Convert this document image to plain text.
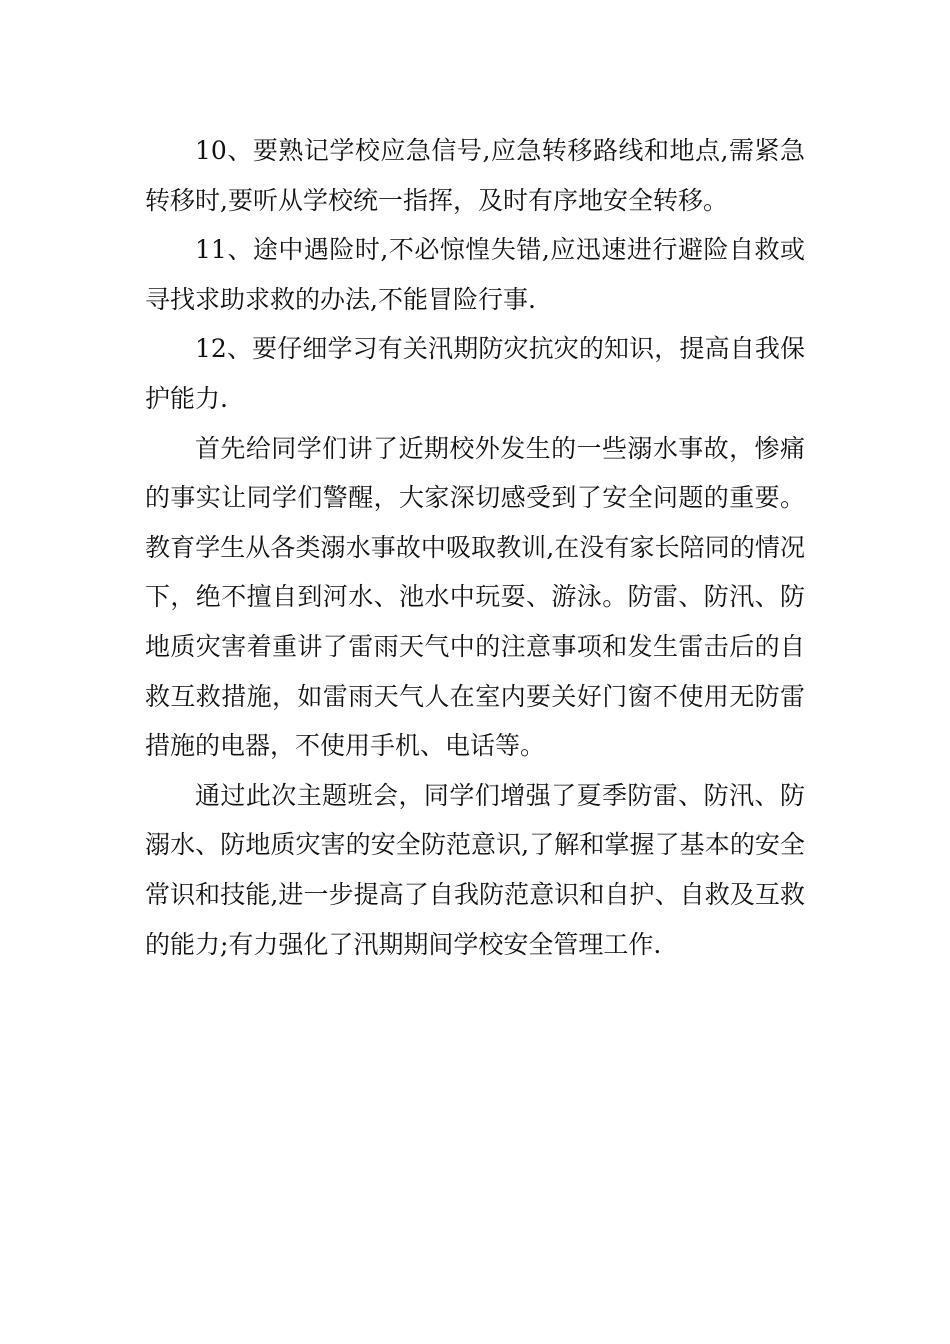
10、要熟记学校应急信号,应急转移路线和地点,需紧急转移时,要听从学校统一指挥，及时有序地安全转移。

11、途中遇险时,不必惊惶失错,应迅速进行避险自救或寻找求助求救的办法,不能冒险行事.

12、要仔细学习有关汛期防灾抗灾的知识，提高自我保护能力.

首先给同学们讲了近期校外发生的一些溺水事故，惨痛的事实让同学们警醒，大家深切感受到了安全问题的重要。教育学生从各类溺水事故中吸取教训,在没有家长陪同的情况下，绝不擅自到河水、池水中玩耍、游泳。防雷、防汛、防地质灾害着重讲了雷雨天气中的注意事项和发生雷击后的自救互救措施，如雷雨天气人在室内要关好门窗不使用无防雷措施的电器，不使用手机、电话等。

通过此次主题班会，同学们增强了夏季防雷、防汛、防溺水、防地质灾害的安全防范意识,了解和掌握了基本的安全常识和技能,进一步提高了自我防范意识和自护、自救及互救的能力;有力强化了汛期期间学校安全管理工作.
